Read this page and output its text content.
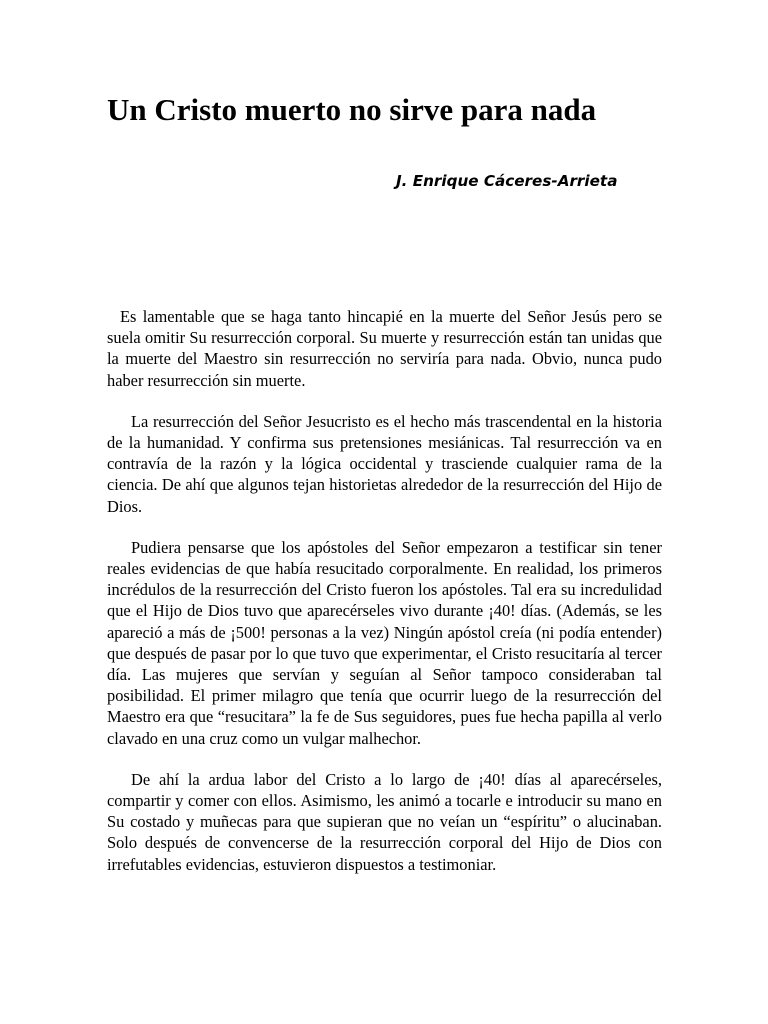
Un Cristo muerto no sirve para nada

J. Enrique Cáceres-Arrieta

Es lamentable que se haga tanto hincapié en la muerte del Señor Jesús pero se suela omitir Su resurrección corporal. Su muerte y resurrección están tan unidas que la muerte del Maestro sin resurrección no serviría para nada. Obvio, nunca pudo haber resurrección sin muerte.

La resurrección del Señor Jesucristo es el hecho más trascendental en la historia de la humanidad. Y confirma sus pretensiones mesiánicas. Tal resurrección va en contravía de la razón y la lógica occidental y trasciende cualquier rama de la ciencia. De ahí que algunos tejan historietas alrededor de la resurrección del Hijo de Dios.

Pudiera pensarse que los apóstoles del Señor empezaron a testificar sin tener reales evidencias de que había resucitado corporalmente. En realidad, los primeros incrédulos de la resurrección del Cristo fueron los apóstoles. Tal era su incredulidad que el Hijo de Dios tuvo que aparecérseles vivo durante ¡40! días. (Además, se les apareció a más de ¡500! personas a la vez) Ningún apóstol creía (ni podía entender) que después de pasar por lo que tuvo que experimentar, el Cristo resucitaría al tercer día. Las mujeres que servían y seguían al Señor tampoco consideraban tal posibilidad. El primer milagro que tenía que ocurrir luego de la resurrección del Maestro era que “resucitara” la fe de Sus seguidores, pues fue hecha papilla al verlo clavado en una cruz como un vulgar malhechor.

De ahí la ardua labor del Cristo a lo largo de ¡40! días al aparecérseles, compartir y comer con ellos. Asimismo, les animó a tocarle e introducir su mano en Su costado y muñecas para que supieran que no veían un “espíritu” o alucinaban. Solo después de convencerse de la resurrección corporal del Hijo de Dios con irrefutables evidencias, estuvieron dispuestos a testimoniar.
